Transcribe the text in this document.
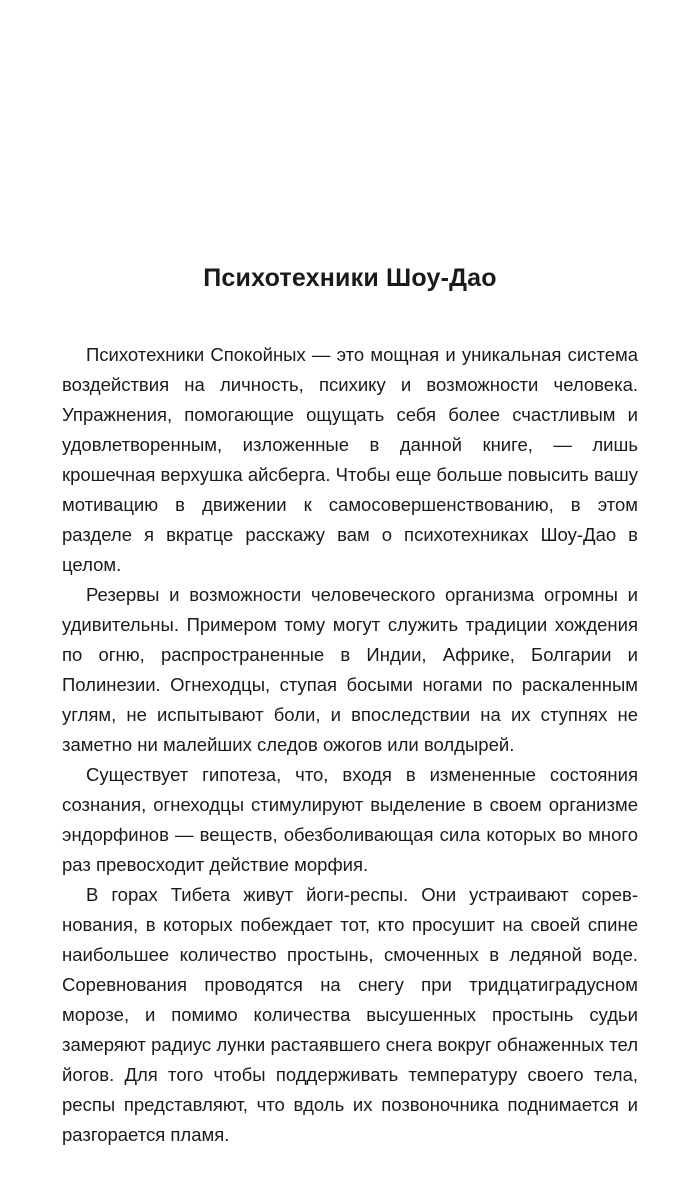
Психотехники Шоу-Дао

Психотехники Спокойных — это мощная и уникальная система воздействия на личность, психику и возможности человека. Упражнения, помогающие ощущать себя более счастливым и удовлетворенным, изложенные в данной книге, — лишь крошечная верхушка айсберга. Чтобы еще больше повысить вашу мотивацию в движении к самосовершенствованию, в этом разделе я вкратце расскажу вам о психотехниках Шоу-Дао в целом.

Резервы и возможности человеческого организма огромны и удивительны. Примером тому могут служить традиции хождения по огню, распространенные в Индии, Африке, Болгарии и Полинезии. Огнеходцы, ступая босыми ногами по раскаленным углям, не испытывают боли, и впоследствии на их ступнях не заметно ни малейших следов ожогов или волдырей.

Существует гипотеза, что, входя в измененные состояния сознания, огнеходцы стимулируют выделение в своем организме эндорфинов — веществ, обезболивающая сила которых во много раз превосходит действие морфия.

В горах Тибета живут йоги-респы. Они устраивают соревнования, в которых побеждает тот, кто просушит на своей спине наибольшее количество простынь, смоченных в ледяной воде. Соревнования проводятся на снегу при тридцатиградусном морозе, и помимо количества высушенных простынь судьи замеряют радиус лунки растаявшего снега вокруг обнаженных тел йогов. Для того чтобы поддерживать температуру своего тела, респы представляют, что вдоль их позвоночника поднимается и разгорается пламя.
